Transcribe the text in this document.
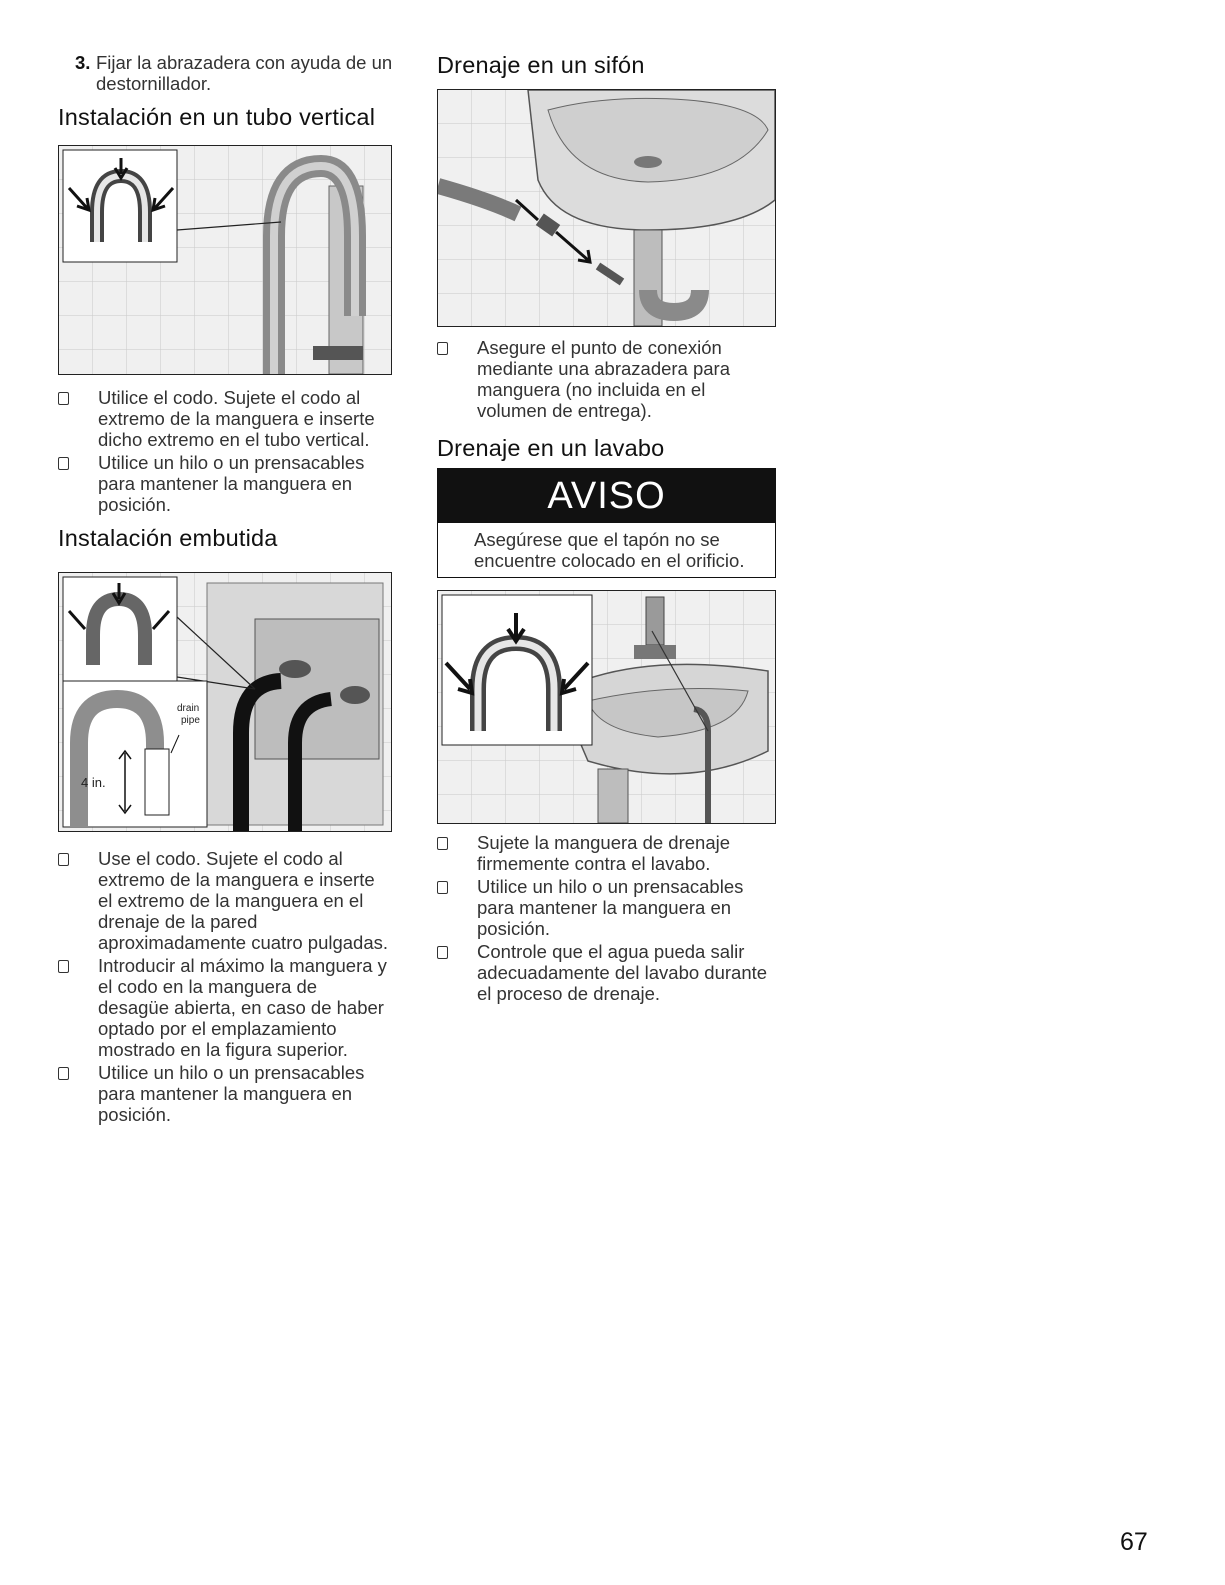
3. Fijar la abrazadera con ayuda de un destornillador.
Instalación en un tubo vertical
Utilice el codo. Sujete el codo al extremo de la manguera e inserte dicho extremo en el tubo vertical.
Utilice un hilo o un prensacables para mantener la manguera en posición.
Instalación embutida
drain
pipe
4 in.
Use el codo. Sujete el codo al extremo de la manguera e inserte el extremo de la manguera en el drenaje de la pared aproximadamente cuatro pulgadas.
Introducir al máximo la manguera y el codo en la manguera de desagüe abierta, en caso de haber optado por el emplazamiento mostrado en la figura superior.
Utilice un hilo o un prensacables para mantener la manguera en posición.
Drenaje en un sifón
Asegure el punto de conexión mediante una abrazadera para manguera (no incluida en el volumen de entrega).
Drenaje en un lavabo
AVISO
Asegúrese que el tapón no se encuentre colocado en el orificio.
Sujete la manguera de drenaje firmemente contra el lavabo.
Utilice un hilo o un prensacables para mantener la manguera en posición.
Controle que el agua pueda salir adecuadamente del lavabo durante el proceso de drenaje.
67
